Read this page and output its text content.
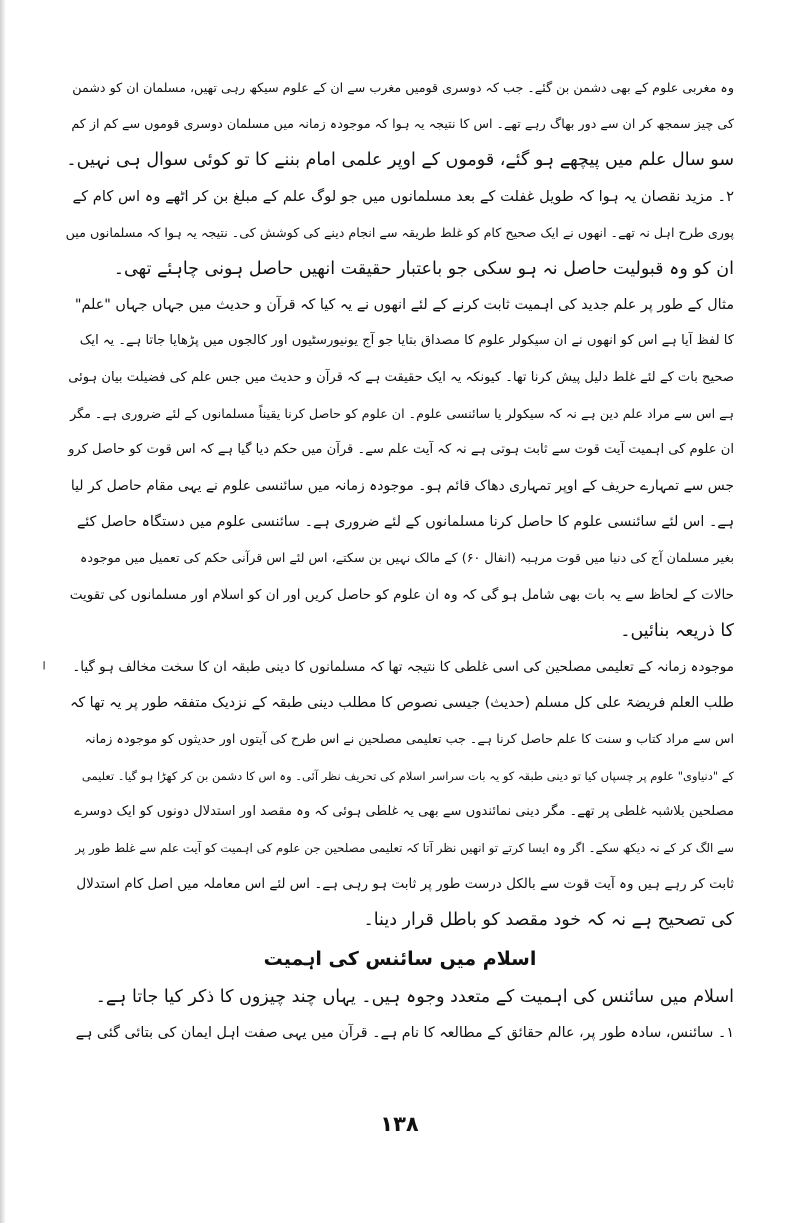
╷
وہ مغربی علوم کے بھی دشمن بن گئے۔ جب کہ دوسری قومیں مغرب سے ان کے علوم سیکھ رہی تھیں، مسلمان ان کو دشمن
کی چیز سمجھ کر ان سے دور بھاگ رہے تھے۔ اس کا نتیجہ یہ ہوا کہ موجودہ زمانہ میں مسلمان دوسری قوموں سے کم از کم
سو سال علم میں پیچھے ہو گئے، قوموں کے اوپر علمی امام بننے کا تو کوئی سوال ہی نہیں۔
۲۔ مزید نقصان یہ ہوا کہ طویل غفلت کے بعد مسلمانوں میں جو لوگ علم کے مبلغ بن کر اٹھے وہ اس کام کے
پوری طرح اہل نہ تھے۔ انھوں نے ایک صحیح کام کو غلط طریقہ سے انجام دینے کی کوشش کی۔ نتیجہ یہ ہوا کہ مسلمانوں میں
ان کو وہ قبولیت حاصل نہ ہو سکی جو باعتبار حقیقت انھیں حاصل ہونی چاہئے تھی۔
مثال کے طور پر علم جدید کی اہمیت ثابت کرنے کے لئے انھوں نے یہ کیا کہ قرآن و حدیث میں جہاں جہاں "علم"
کا لفظ آیا ہے اس کو انھوں نے ان سیکولر علوم کا مصداق بتایا جو آج یونیورسٹیوں اور کالجوں میں پڑھایا جاتا ہے۔ یہ ایک
صحیح بات کے لئے غلط دلیل پیش کرنا تھا۔ کیونکہ یہ ایک حقیقت ہے کہ قرآن و حدیث میں جس علم کی فضیلت بیان ہوئی
ہے اس سے مراد علم دین ہے نہ کہ سیکولر یا سائنسی علوم۔ ان علوم کو حاصل کرنا یقیناً مسلمانوں کے لئے ضروری ہے۔ مگر
ان علوم کی اہمیت آیت قوت سے ثابت ہوتی ہے نہ کہ آیت علم سے۔ قرآن میں حکم دیا گیا ہے کہ اس قوت کو حاصل کرو
جس سے تمہارے حریف کے اوپر تمہاری دھاک قائم ہو۔ موجودہ زمانہ میں سائنسی علوم نے یہی مقام حاصل کر لیا
ہے۔ اس لئے سائنسی علوم کا حاصل کرنا مسلمانوں کے لئے ضروری ہے۔ سائنسی علوم میں دستگاہ حاصل کئے
بغیر مسلمان آج کی دنیا میں قوت مرہبہ (انفال ۶۰) کے مالک نہیں بن سکتے، اس لئے اس قرآنی حکم کی تعمیل میں موجودہ
حالات کے لحاظ سے یہ بات بھی شامل ہو گی کہ وہ ان علوم کو حاصل کریں اور ان کو اسلام اور مسلمانوں کی تقویت
کا ذریعہ بنائیں۔
موجودہ زمانہ کے تعلیمی مصلحین کی اسی غلطی کا نتیجہ تھا کہ مسلمانوں کا دینی طبقہ ان کا سخت مخالف ہو گیا۔
طلب العلم فریضۃ علی کل مسلم (حدیث) جیسی نصوص کا مطلب دینی طبقہ کے نزدیک متفقہ طور پر یہ تھا کہ
اس سے مراد کتاب و سنت کا علم حاصل کرنا ہے۔ جب تعلیمی مصلحین نے اس طرح کی آیتوں اور حدیثوں کو موجودہ زمانہ
کے "دنیاوی" علوم پر چسپاں کیا تو دینی طبقہ کو یہ بات سراسر اسلام کی تحریف نظر آئی۔ وہ اس کا دشمن بن کر کھڑا ہو گیا۔ تعلیمی
مصلحین بلاشبہ غلطی پر تھے۔ مگر دینی نمائندوں سے بھی یہ غلطی ہوئی کہ وہ مقصد اور استدلال دونوں کو ایک دوسرے
سے الگ کر کے نہ دیکھ سکے۔ اگر وہ ایسا کرتے تو انھیں نظر آتا کہ تعلیمی مصلحین جن علوم کی اہمیت کو آیت علم سے غلط طور پر
ثابت کر رہے ہیں وہ آیت قوت سے بالکل درست طور پر ثابت ہو رہی ہے۔ اس لئے اس معاملہ میں اصل کام استدلال
کی تصحیح ہے نہ کہ خود مقصد کو باطل قرار دینا۔
اسلام میں سائنس کی اہمیت
اسلام میں سائنس کی اہمیت کے متعدد وجوہ ہیں۔ یہاں چند چیزوں کا ذکر کیا جاتا ہے۔
۱۔ سائنس، سادہ طور پر، عالم حقائق کے مطالعہ کا نام ہے۔ قرآن میں یہی صفت اہل ایمان کی بتائی گئی ہے
۱۳۸
